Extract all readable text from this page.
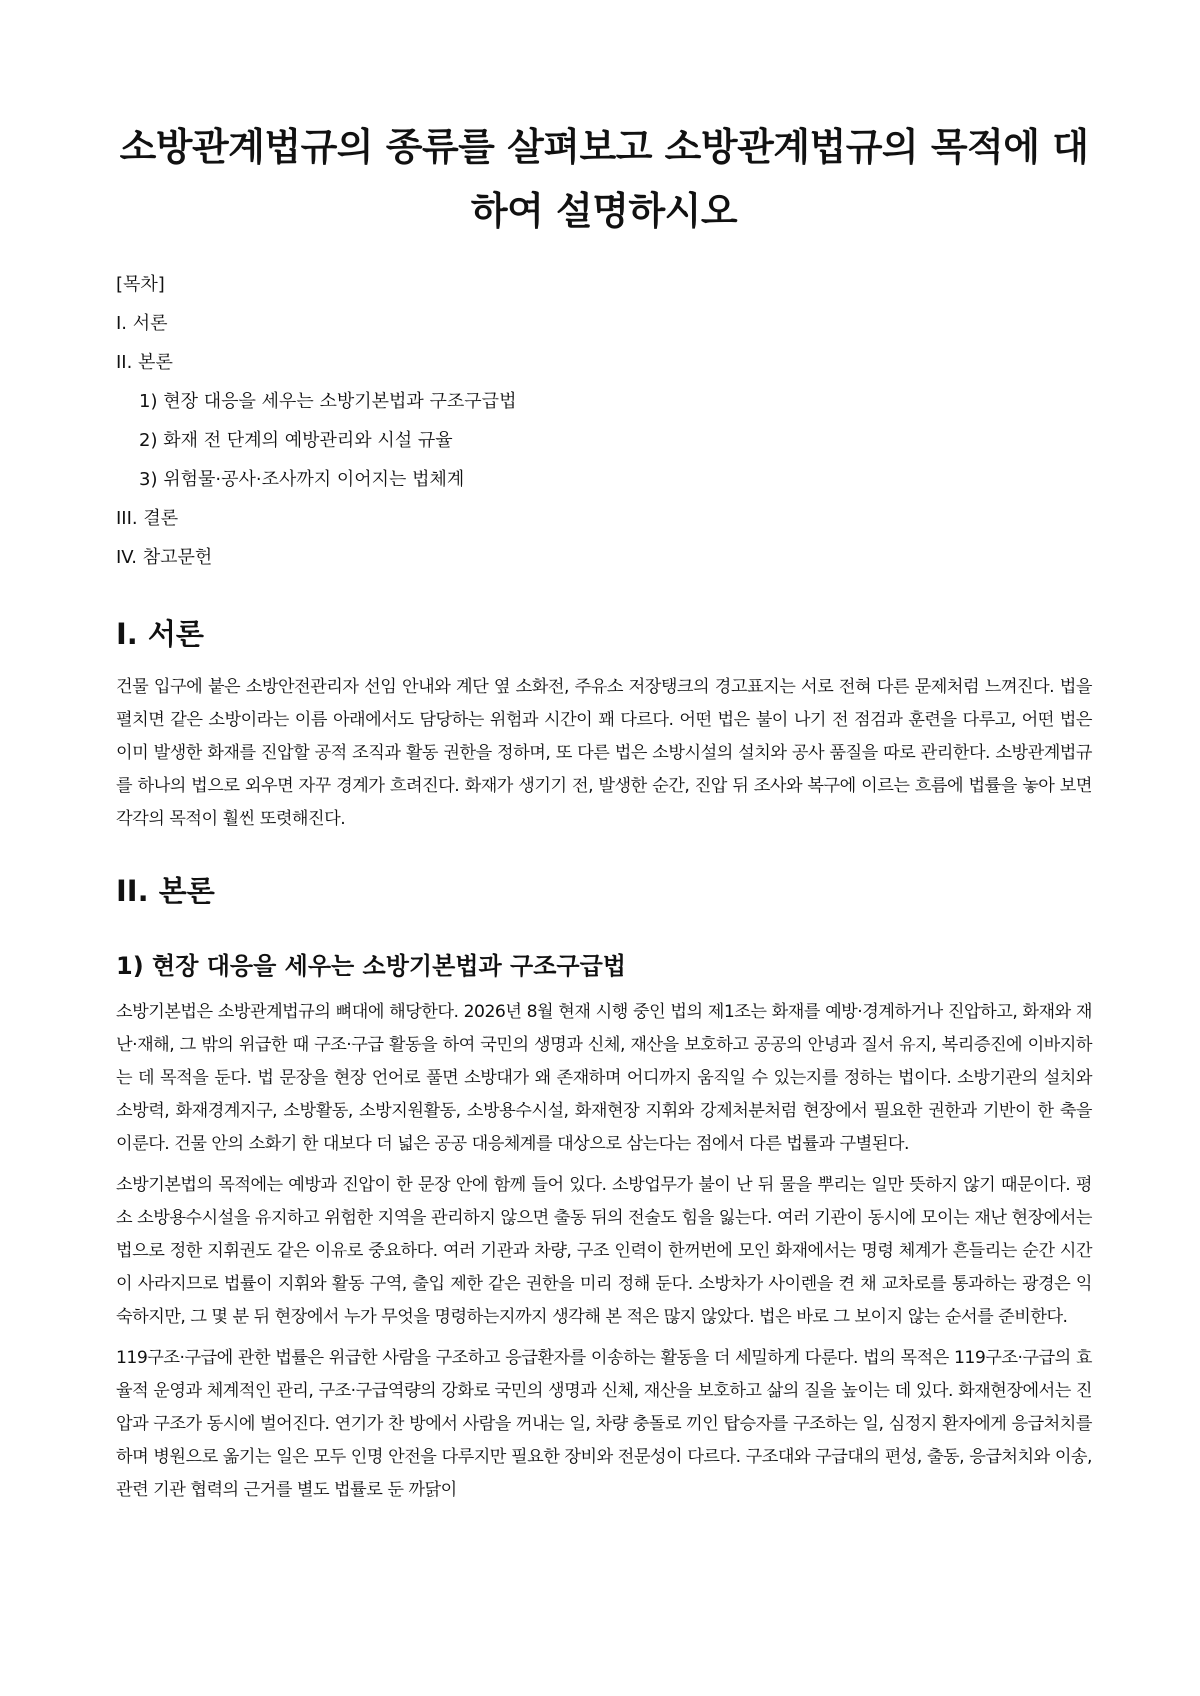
소방관계법규의 종류를 살펴보고 소방관계법규의 목적에 대하여 설명하시오
[목차]
I. 서론
II. 본론
1) 현장 대응을 세우는 소방기본법과 구조구급법
2) 화재 전 단계의 예방관리와 시설 규율
3) 위험물·공사·조사까지 이어지는 법체계
III. 결론
IV. 참고문헌
I. 서론

건물 입구에 붙은 소방안전관리자 선임 안내와 계단 옆 소화전, 주유소 저장탱크의 경고표지는 서로 전혀 다른 문제처럼 느껴진다. 법을 펼치면 같은 소방이라는 이름 아래에서도 담당하는 위험과 시간이 꽤 다르다. 어떤 법은 불이 나기 전 점검과 훈련을 다루고, 어떤 법은 이미 발생한 화재를 진압할 공적 조직과 활동 권한을 정하며, 또 다른 법은 소방시설의 설치와 공사 품질을 따로 관리한다. 소방관계법규를 하나의 법으로 외우면 자꾸 경계가 흐려진다. 화재가 생기기 전, 발생한 순간, 진압 뒤 조사와 복구에 이르는 흐름에 법률을 놓아 보면 각각의 목적이 훨씬 또렷해진다.

II. 본론
1) 현장 대응을 세우는 소방기본법과 구조구급법

소방기본법은 소방관계법규의 뼈대에 해당한다. 2026년 8월 현재 시행 중인 법의 제1조는 화재를 예방·경계하거나 진압하고, 화재와 재난·재해, 그 밖의 위급한 때 구조·구급 활동을 하여 국민의 생명과 신체, 재산을 보호하고 공공의 안녕과 질서 유지, 복리증진에 이바지하는 데 목적을 둔다. 법 문장을 현장 언어로 풀면 소방대가 왜 존재하며 어디까지 움직일 수 있는지를 정하는 법이다. 소방기관의 설치와 소방력, 화재경계지구, 소방활동, 소방지원활동, 소방용수시설, 화재현장 지휘와 강제처분처럼 현장에서 필요한 권한과 기반이 한 축을 이룬다. 건물 안의 소화기 한 대보다 더 넓은 공공 대응체계를 대상으로 삼는다는 점에서 다른 법률과 구별된다.

소방기본법의 목적에는 예방과 진압이 한 문장 안에 함께 들어 있다. 소방업무가 불이 난 뒤 물을 뿌리는 일만 뜻하지 않기 때문이다. 평소 소방용수시설을 유지하고 위험한 지역을 관리하지 않으면 출동 뒤의 전술도 힘을 잃는다. 여러 기관이 동시에 모이는 재난 현장에서는 법으로 정한 지휘권도 같은 이유로 중요하다. 여러 기관과 차량, 구조 인력이 한꺼번에 모인 화재에서는 명령 체계가 흔들리는 순간 시간이 사라지므로 법률이 지휘와 활동 구역, 출입 제한 같은 권한을 미리 정해 둔다. 소방차가 사이렌을 켠 채 교차로를 통과하는 광경은 익숙하지만, 그 몇 분 뒤 현장에서 누가 무엇을 명령하는지까지 생각해 본 적은 많지 않았다. 법은 바로 그 보이지 않는 순서를 준비한다.

119구조·구급에 관한 법률은 위급한 사람을 구조하고 응급환자를 이송하는 활동을 더 세밀하게 다룬다. 법의 목적은 119구조·구급의 효율적 운영과 체계적인 관리, 구조·구급역량의 강화로 국민의 생명과 신체, 재산을 보호하고 삶의 질을 높이는 데 있다. 화재현장에서는 진압과 구조가 동시에 벌어진다. 연기가 찬 방에서 사람을 꺼내는 일, 차량 충돌로 끼인 탑승자를 구조하는 일, 심정지 환자에게 응급처치를 하며 병원으로 옮기는 일은 모두 인명 안전을 다루지만 필요한 장비와 전문성이 다르다. 구조대와 구급대의 편성, 출동, 응급처치와 이송, 관련 기관 협력의 근거를 별도 법률로 둔 까닭이
